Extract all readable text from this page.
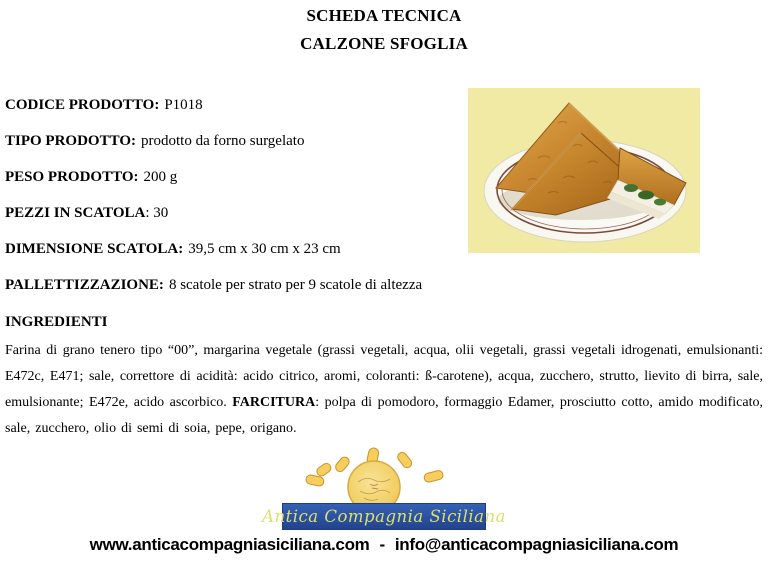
SCHEDA TECNICA
CALZONE SFOGLIA
CODICE PRODOTTO: P1018
TIPO PRODOTTO: prodotto da forno surgelato
PESO PRODOTTO: 200 g
PEZZI IN SCATOLA: 30
DIMENSIONE SCATOLA: 39,5 cm x 30 cm x 23 cm
PALLETTIZZAZIONE: 8 scatole per strato per 9 scatole di altezza
INGREDIENTI

Farina di grano tenero tipo “00”, margarina vegetale (grassi vegetali, acqua, olii vegetali, grassi vegetali idrogenati, emulsionanti: E472c, E471; sale, correttore di acidità: acido citrico, aromi, coloranti: ß-carotene), acqua, zucchero, strutto, lievito di birra, sale, emulsionante; E472e, acido ascorbico. FARCITURA: polpa di pomodoro, formaggio Edamer, prosciutto cotto, amido modificato, sale, zucchero, olio di semi di soia, pepe, origano.

Antica Compagnia Siciliana
www.anticacompagniasiciliana.com - info@anticacompagniasiciliana.com
